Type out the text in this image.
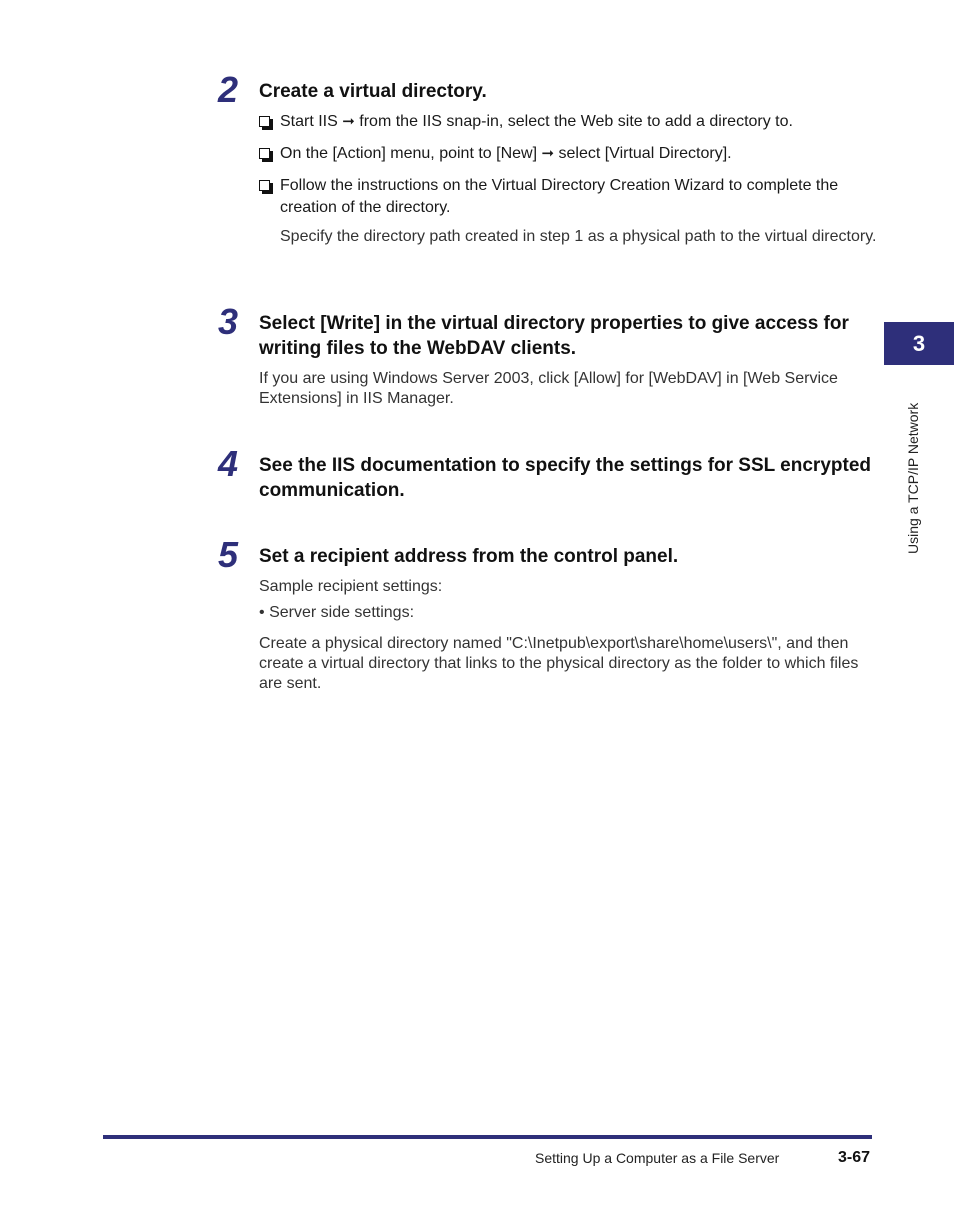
2 Create a virtual directory.
Start IIS ➞ from the IIS snap-in, select the Web site to add a directory to.
On the [Action] menu, point to [New] ➞ select [Virtual Directory].
Follow the instructions on the Virtual Directory Creation Wizard to complete the creation of the directory.
Specify the directory path created in step 1 as a physical path to the virtual directory.
3 Select [Write] in the virtual directory properties to give access for writing files to the WebDAV clients.
If you are using Windows Server 2003, click [Allow] for [WebDAV] in [Web Service Extensions] in IIS Manager.
4 See the IIS documentation to specify the settings for SSL encrypted communication.
5 Set a recipient address from the control panel.
Sample recipient settings:
• Server side settings:
Create a physical directory named "C:\Inetpub\export\share\home\users\", and then create a virtual directory that links to the physical directory as the folder to which files are sent.
3
Using a TCP/IP Network
Setting Up a Computer as a File Server	3-67
